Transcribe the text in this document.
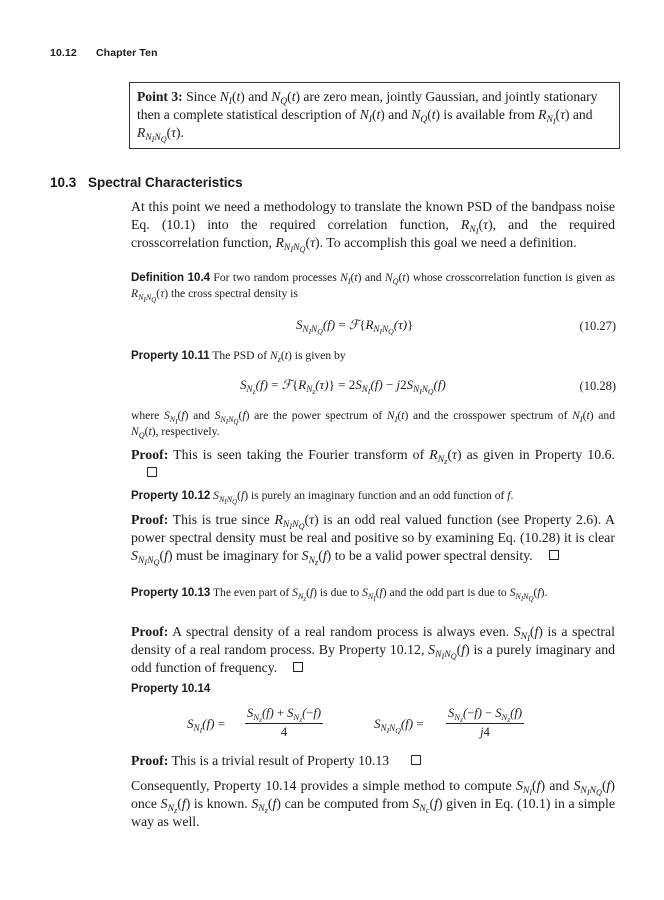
10.12 Chapter Ten
Point 3: Since $N_I(t)$ and $N_Q(t)$ are zero mean, jointly Gaussian, and jointly stationary then a complete statistical description of $N_I(t)$ and $N_Q(t)$ is available from $R_{N_I}(\tau)$ and $R_{N_IN_Q}(\tau)$.
10.3 Spectral Characteristics
At this point we need a methodology to translate the known PSD of the bandpass noise Eq. (10.1) into the required correlation function, $R_{N_I}(\tau)$, and the required crosscorrelation function, $R_{N_IN_Q}(\tau)$. To accomplish this goal we need a definition.
Definition 10.4 For two random processes $N_I(t)$ and $N_Q(t)$ whose crosscorrelation function is given as $R_{N_IN_Q}(\tau)$ the cross spectral density is
$S_{N_IN_Q}(f)$ = $ℱ\{R_{N_IN_Q}(\tau)\}$	(10.27)
Property 10.11 The PSD of $N_z(t)$ is given by
$S_{N_z}(f)$ = $ℱ\{R_{N_z}(\tau)\} = 2S_{N_I}(f) - j2S_{N_IN_Q}(f)$	(10.28)
where $S_{N_I}(f)$ and $S_{N_IN_Q}(f)$ are the power spectrum of $N_I(t)$ and the crosspower spectrum of $N_I(t)$ and $N_Q(t)$, respectively.
Proof: This is seen taking the Fourier transform of $R_{N_z}(\tau)$ as given in Property 10.6.
Property 10.12 $S_{N_IN_Q}(f)$ is purely an imaginary function and an odd function of f.
Proof: This is true since $R_{N_IN_Q}(\tau)$ is an odd real valued function (see Property 2.6). A power spectral density must be real and positive so by examining Eq. (10.28) it is clear $S_{N_IN_Q}(f)$ must be imaginary for $S_{N_z}(f)$ to be a valid power spectral density.
Property 10.13 The even part of $S_{N_z}(f)$ is due to $S_{N_I}(f)$ and the odd part is due to $S_{N_IN_Q}(f)$.
Proof: A spectral density of a real random process is always even. $S_{N_I}(f)$ is a spectral density of a real random process. By Property 10.12, $S_{N_IN_Q}(f)$ is a purely imaginary and odd function of frequency.
Property 10.14
$S_{N_I}(f)$ =
$S_{N_z}(f) + S_{N_z}(-f)$
4
$S_{N_IN_Q}(f)$ =
$S_{N_z}(-f) - S_{N_z}(f)$
j4
Proof: This is a trivial result of Property 10.13
Consequently, Property 10.14 provides a simple method to compute $S_{N_I}(f)$ and $S_{N_IN_Q}(f)$ once $S_{N_z}(f)$ is known. $S_{N_z}(f)$ can be computed from $S_{N_c}(f)$ given in Eq. (10.1) in a simple way as well.
